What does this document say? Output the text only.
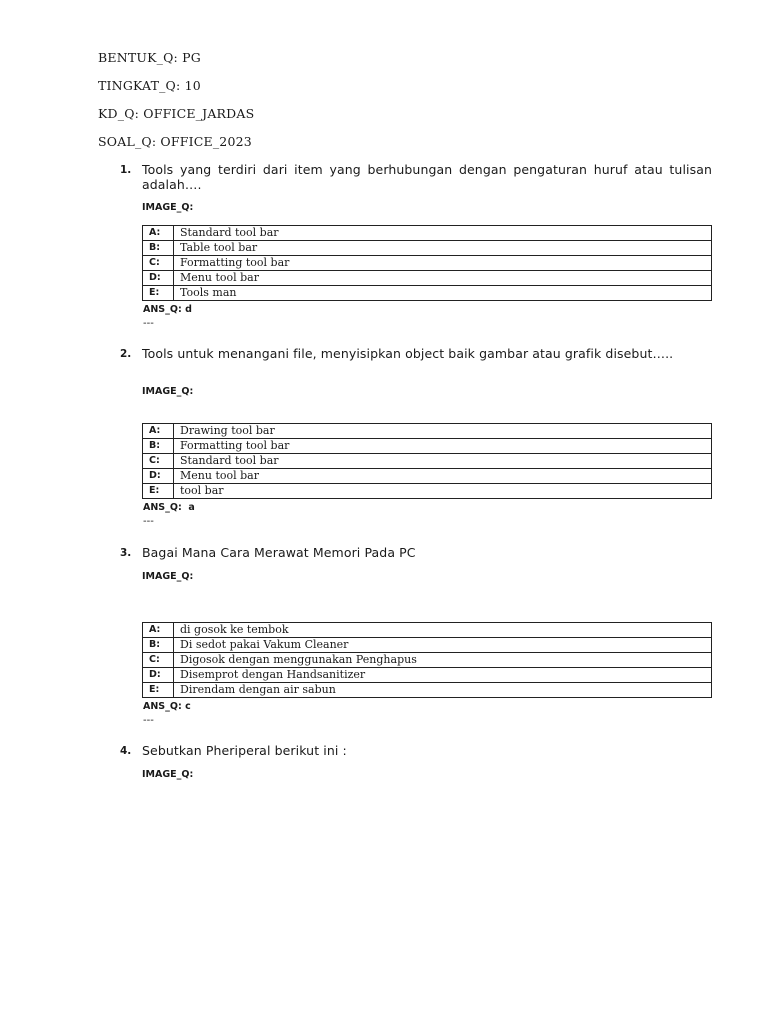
BENTUK_Q: PG
TINGKAT_Q: 10
KD_Q: OFFICE_JARDAS
SOAL_Q: OFFICE_2023
1. Tools yang terdiri dari item yang berhubungan dengan pengaturan huruf atau tulisan adalah….
IMAGE_Q:
A:	Standard tool bar
B:	Table tool bar
C:	Formatting tool bar
D:	Menu tool bar
E:	Tools man
ANS_Q: d
---
2. Tools untuk menangani file, menyisipkan object baik gambar atau grafik disebut…..
IMAGE_Q:
A:	Drawing tool bar
B:	Formatting tool bar
C:	Standard tool bar
D:	Menu tool bar
E:	tool bar
ANS_Q:  a
---
3. Bagai Mana Cara Merawat Memori Pada PC
IMAGE_Q:
A:	di gosok ke tembok
B:	Di sedot pakai Vakum Cleaner
C:	Digosok dengan menggunakan Penghapus
D:	Disemprot dengan Handsanitizer
E:	Direndam dengan air sabun
ANS_Q: c
---
4. Sebutkan Pheriperal berikut ini :
IMAGE_Q:
